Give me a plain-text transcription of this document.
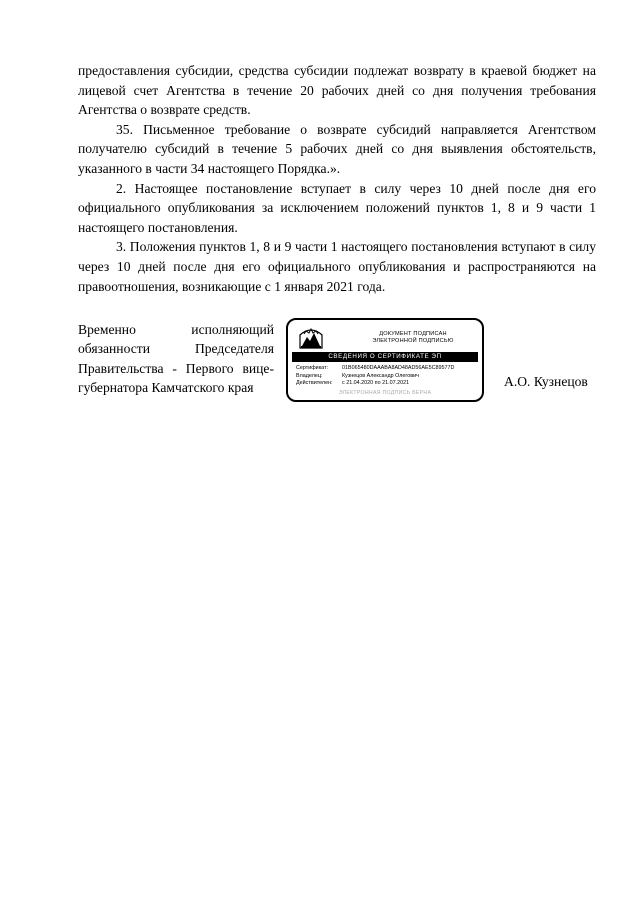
предоставления субсидии, средства субсидии подлежат возврату в краевой бюджет на лицевой счет Агентства в течение 20 рабочих дней со дня получения требования Агентства о возврате средств.

35. Письменное требование о возврате субсидий направляется Агентством получателю субсидий в течение 5 рабочих дней со дня выявления обстоятельств, указанного в части 34 настоящего Порядка.».

2. Настоящее постановление вступает в силу через 10 дней после дня его официального опубликования за исключением положений пунктов 1, 8 и 9 части 1 настоящего постановления.

3. Положения пунктов 1, 8 и 9 части 1 настоящего постановления вступают в силу через 10 дней после дня его официального опубликования и распространяются на правоотношения, возникающие с 1 января 2021 года.

Временно исполняющий
обязанности Председателя
Правительства - Первого вице-
губернатора Камчатского края
ДОКУМЕНТ ПОДПИСАН
ЭЛЕКТРОННОЙ ПОДПИСЬЮ
СВЕДЕНИЯ О СЕРТИФИКАТЕ ЭП
Сертификат:	01B065480DAAABA8AD48AD56AE5C89577D
Владелец:	Кузнецов Александр Олегович
Действителен:	с 21.04.2020 по 21.07.2021
ЭЛЕКТРОННАЯ ПОДПИСЬ ВЕРНА
А.О. Кузнецов
